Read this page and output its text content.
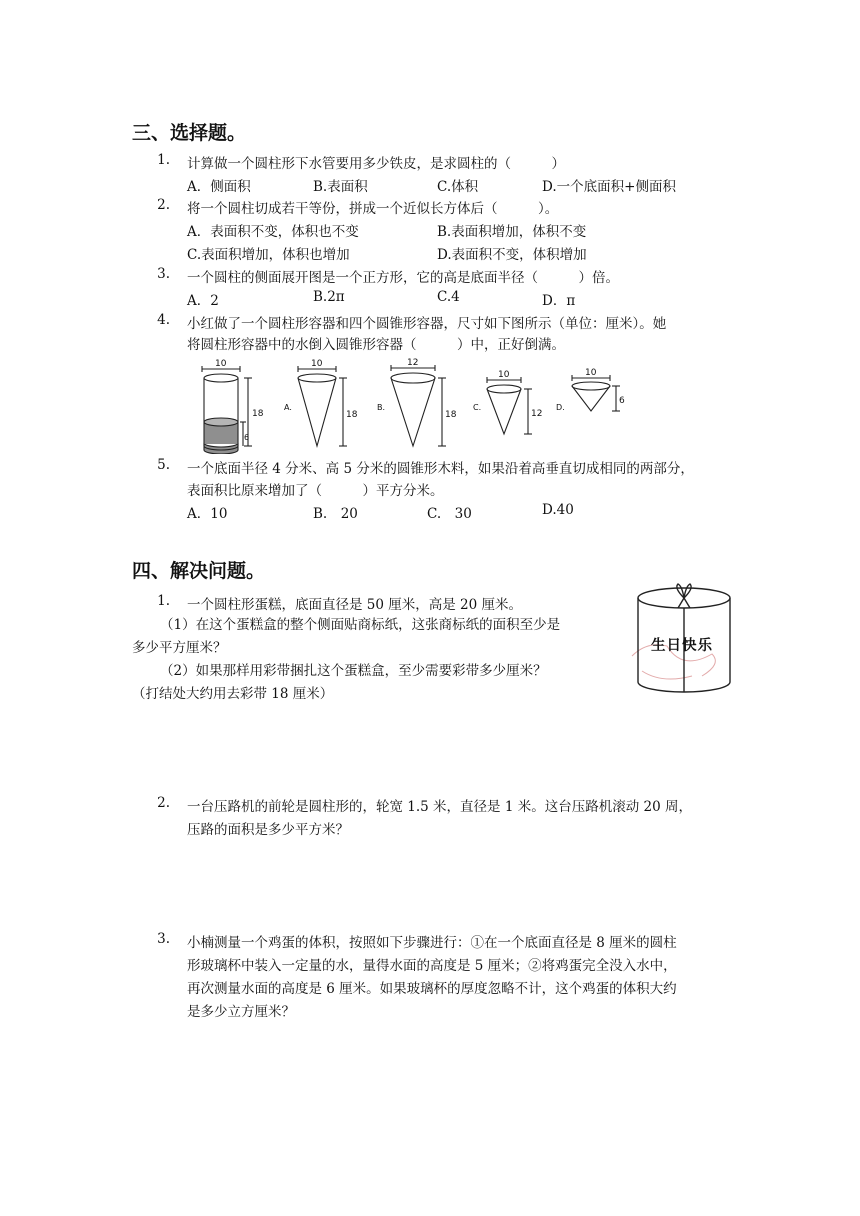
三、选择题。
1. 计算做一个圆柱形下水管要用多少铁皮，是求圆柱的（　　　）
A．侧面积	B.表面积	C.体积	D.一个底面积+侧面积
2. 将一个圆柱切成若干等份，拼成一个近似长方体后（　　　）。
A．表面积不变，体积也不变	B.表面积增加，体积不变
C.表面积增加，体积也增加	D.表面积不变，体积增加
3. 一个圆柱的侧面展开图是一个正方形，它的高是底面半径（　　　）倍。
A．2	B.2π	C.4	D．π
4. 小红做了一个圆柱形容器和四个圆锥形容器，尺寸如下图所示（单位：厘米）。她
将圆柱形容器中的水倒入圆锥形容器（　　　）中，正好倒满。
10
18
6
A.
10
18
B.
12
18
C.
10
12
D.
10
6
5. 一个底面半径 4 分米、高 5 分米的圆锥形木料，如果沿着高垂直切成相同的两部分，
表面积比原来增加了（　　　）平方分米。
A．10	B.　20	C.　30	D.40
四、解决问题。
1. 一个圆柱形蛋糕，底面直径是 50 厘米，高是 20 厘米。
（1）在这个蛋糕盒的整个侧面贴商标纸，这张商标纸的面积至少是
多少平方厘米？
（2）如果那样用彩带捆扎这个蛋糕盒，至少需要彩带多少厘米？
（打结处大约用去彩带 18 厘米）
生日快乐
2. 一台压路机的前轮是圆柱形的，轮宽 1.5 米，直径是 1 米。这台压路机滚动 20 周，
压路的面积是多少平方米？
3. 小楠测量一个鸡蛋的体积，按照如下步骤进行：①在一个底面直径是 8 厘米的圆柱
形玻璃杯中装入一定量的水，量得水面的高度是 5 厘米；②将鸡蛋完全没入水中，
再次测量水面的高度是 6 厘米。如果玻璃杯的厚度忽略不计，这个鸡蛋的体积大约
是多少立方厘米？
